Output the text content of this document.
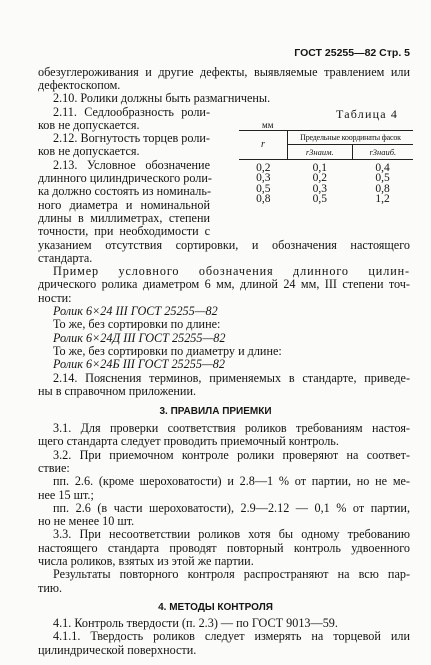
ГОСТ 25255—82 Стр. 5
обезуглероживания и другие дефекты, выявляемые травлением или
дефектоскопом.
2.10. Ролики должны быть размагничены.
2.11. Седлообразность роли-
ков не допускается.
2.12. Вогнутость торцев роли-
ков не допускается.
2.13. Условное обозначение
длинного цилиндрического роли-
ка должно состоять из номиналь-
ного диаметра и номинальной
длины в миллиметрах, степени
точности, при необходимости с
Таблица 4
мм
r	Предельные координаты фасок	
	r3наим.	r3наиб.
0,2	0,1	0,4
0,3	0,2	0,5
0,5	0,3	0,8
0,8	0,5	1,2
указанием отсутствия сортировки, и обозначения настоящего
стандарта.
Пример условного обозначения длинного цилин-
дрического ролика диаметром 6 мм, длиной 24 мм, III степени точ-
ности:
Ролик 6×24 III ГОСТ 25255—82
То же, без сортировки по длине:
Ролик 6×24Д III ГОСТ 25255—82
То же, без сортировки по диаметру и длине:
Ролик 6×24Б III ГОСТ 25255—82
2.14. Пояснения терминов, применяемых в стандарте, приведе-
ны в справочном приложении.
3. ПРАВИЛА ПРИЕМКИ
3.1. Для проверки соответствия роликов требованиям настоя-
щего стандарта следует проводить приемочный контроль.
3.2. При приемочном контроле ролики проверяют на соответ-
ствие:
пп. 2.6. (кроме шероховатости) и 2.8—1 % от партии, но не ме-
нее 15 шт.;
пп. 2.6 (в части шероховатости), 2.9—2.12 — 0,1 % от партии,
но не менее 10 шт.
3.3. При несоответствии роликов хотя бы одному требованию
настоящего стандарта проводят повторный контроль удвоенного
числа роликов, взятых из этой же партии.
Результаты повторного контроля распространяют на всю пар-
тию.
4. МЕТОДЫ КОНТРОЛЯ
4.1. Контроль твердости (п. 2.3) — по ГОСТ 9013—59.
4.1.1. Твердость роликов следует измерять на торцевой или
цилиндрической поверхности.
